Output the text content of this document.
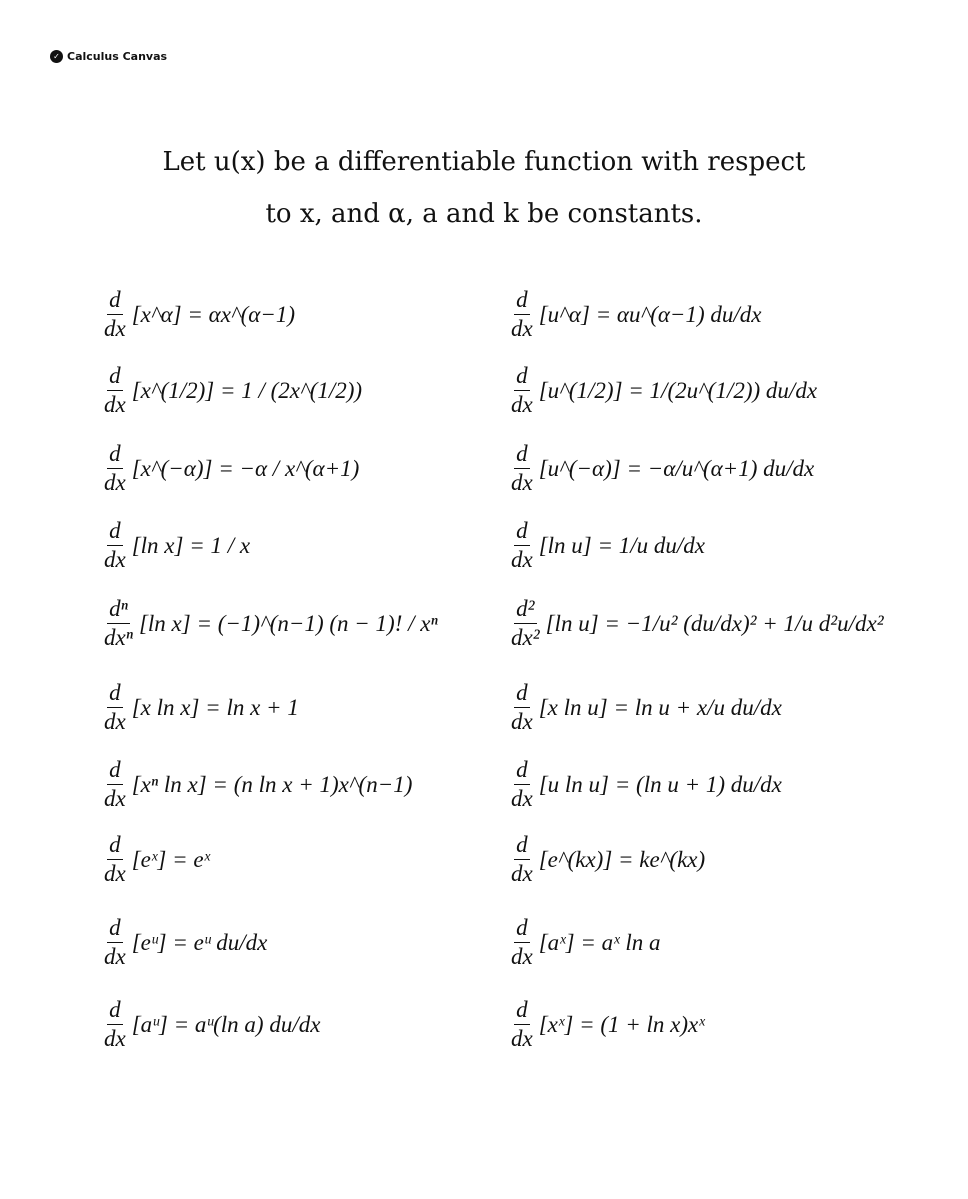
✓ Calculus Canvas
Let u(x) be a differentiable function with respect
to x, and α, a and k be constants.
$\frac{d}{dx}$ [x^α] = αx^(α−1)
$\frac{d}{dx}$ [x^(1/2)] = 1 / (2x^(1/2))
$\frac{d}{dx}$ [x^(−α)] = −α / x^(α+1)
$\frac{d}{dx} [\ln$ x] = 1 / x
$\frac{\text{dⁿ}}{\text{dxⁿ}} [\ln$ x] = (−1)^(n−1) (n − 1)! / xⁿ
$\frac{d}{dx} [x$ ln x] = ln x + 1
$\frac{d}{dx} [x^n$ ln x] = (n ln x + 1)x^(n−1)
$\frac{d}{dx}$ [eˣ] = eˣ
$\frac{d}{dx}$ [eᵘ] = eᵘ du/dx
$\frac{d}{dx}$ [aᵘ] = aᵘ(ln a) du/dx
$\frac{d}{dx}$ [u^α] = αu^(α−1) du/dx
$\frac{d}{dx}$ [u^(1/2)] = 1/(2u^(1/2)) du/dx
$\frac{d}{dx}$ [u^(−α)] = −α/u^(α+1) du/dx
$\frac{d}{dx} [\ln$ u] = 1/u du/dx
$\frac{\text{d²}}{\text{dx²}} [\ln$ u] = −1/u² (du/dx)² + 1/u d²u/dx²
$\frac{d}{dx} [x$ ln u] = ln u + x/u du/dx
$\frac{d}{dx} [u$ ln u] = (ln u + 1) du/dx
$\frac{d}{dx}$ [e^(kx)] = ke^(kx)
$\frac{d}{dx}$ [aˣ] = aˣ ln a
$\frac{d}{dx}$ [xˣ] = (1 + ln x)xˣ
